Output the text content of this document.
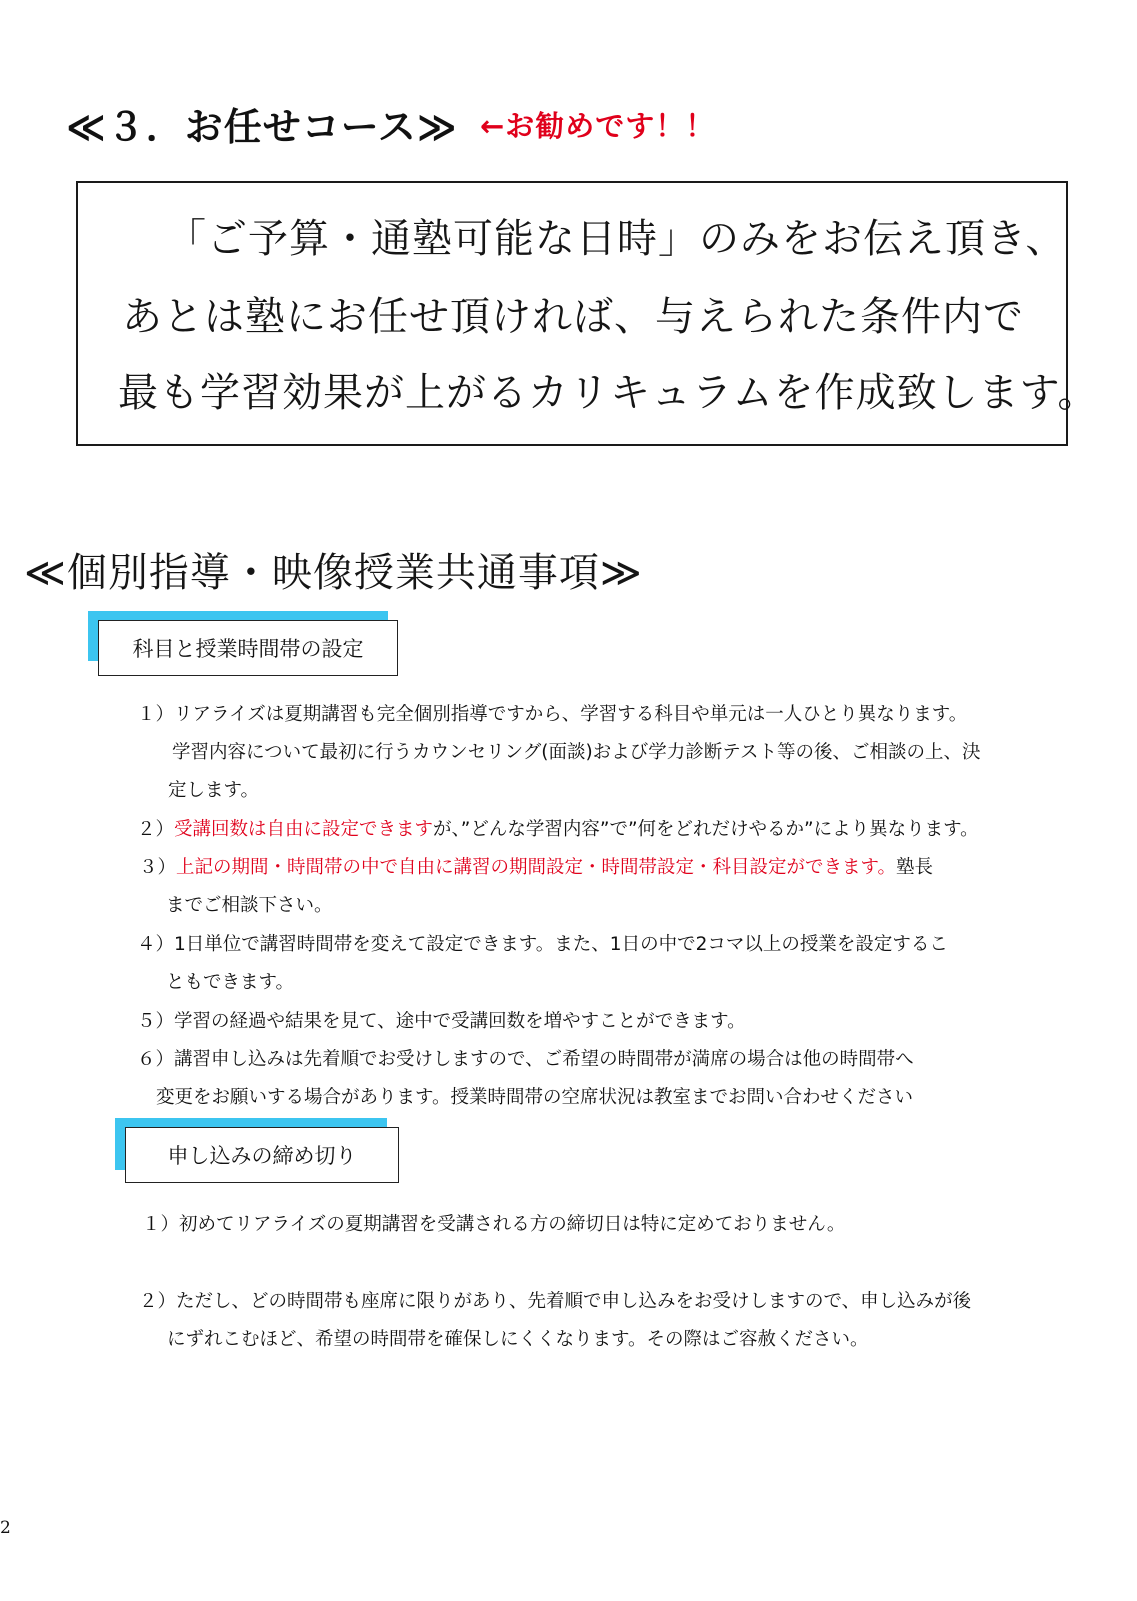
≪３．お任せコース≫ ←お勧めです！！
「ご予算・通塾可能な日時」のみをお伝え頂き、
あとは塾にお任せ頂ければ、与えられた条件内で
最も学習効果が上がるカリキュラムを作成致します。
≪個別指導・映像授業共通事項≫
科目と授業時間帯の設定
１）リアライズは夏期講習も完全個別指導ですから、学習する科目や単元は一人ひとり異なります。
学習内容について最初に行うカウンセリング(面談)および学力診断テスト等の後、ご相談の上、決
定します。
２）受講回数は自由に設定できますが、”どんな学習内容”で”何をどれだけやるか”により異なります。
３）上記の期間・時間帯の中で自由に講習の期間設定・時間帯設定・科目設定ができます。塾長
までご相談下さい。
４）1日単位で講習時間帯を変えて設定できます。また、1日の中で2コマ以上の授業を設定するこ
ともできます。
５）学習の経過や結果を見て、途中で受講回数を増やすことができます。
６）講習申し込みは先着順でお受けしますので、ご希望の時間帯が満席の場合は他の時間帯へ
変更をお願いする場合があります。授業時間帯の空席状況は教室までお問い合わせください
申し込みの締め切り
１）初めてリアライズの夏期講習を受講される方の締切日は特に定めておりません。
２）ただし、どの時間帯も座席に限りがあり、先着順で申し込みをお受けしますので、申し込みが後
にずれこむほど、希望の時間帯を確保しにくくなります。その際はご容赦ください。
2
